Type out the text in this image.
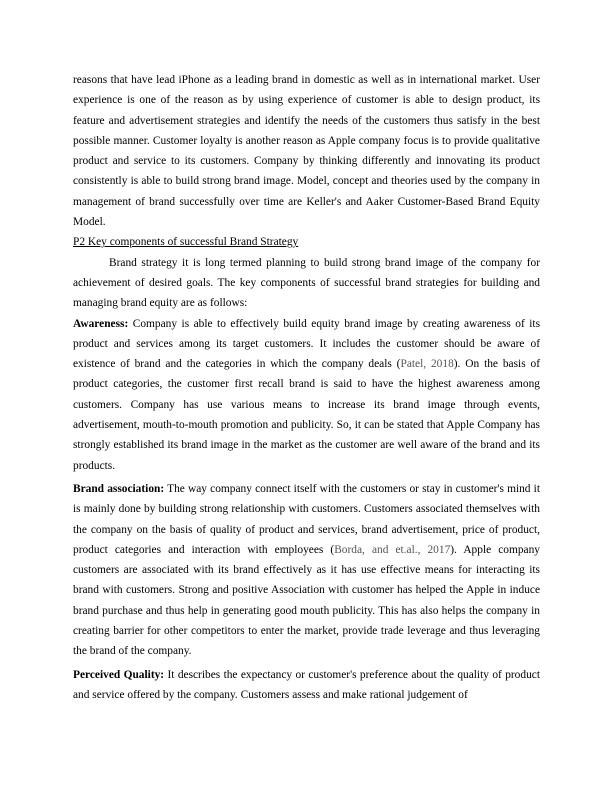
reasons that have lead iPhone as a leading brand in domestic as well as in international market. User experience is one of the reason as by using experience of customer is able to design product, its feature and advertisement strategies and identify the needs of the customers thus satisfy in the best possible manner. Customer loyalty is another reason as Apple company focus is to provide qualitative product and service to its customers. Company by thinking differently and innovating its product consistently is able to build strong brand image. Model, concept and theories used by the company in management of brand successfully over time are Keller's and Aaker Customer-Based Brand Equity Model.

P2 Key components of successful Brand Strategy

Brand strategy it is long termed planning to build strong brand image of the company for achievement of desired goals. The key components of successful brand strategies for building and managing brand equity are as follows:

Awareness: Company is able to effectively build equity brand image by creating awareness of its product and services among its target customers. It includes the customer should be aware of existence of brand and the categories in which the company deals (Patel, 2018). On the basis of product categories, the customer first recall brand is said to have the highest awareness among customers. Company has use various means to increase its brand image through events, advertisement, mouth-to-mouth promotion and publicity. So, it can be stated that Apple Company has strongly established its brand image in the market as the customer are well aware of the brand and its products.

Brand association: The way company connect itself with the customers or stay in customer's mind it is mainly done by building strong relationship with customers. Customers associated themselves with the company on the basis of quality of product and services, brand advertisement, price of product, product categories and interaction with employees (Borda, and et.al., 2017). Apple company customers are associated with its brand effectively as it has use effective means for interacting its brand with customers. Strong and positive Association with customer has helped the Apple in induce brand purchase and thus help in generating good mouth publicity. This has also helps the company in creating barrier for other competitors to enter the market, provide trade leverage and thus leveraging the brand of the company.

Perceived Quality: It describes the expectancy or customer's preference about the quality of product and service offered by the company. Customers assess and make rational judgement of
